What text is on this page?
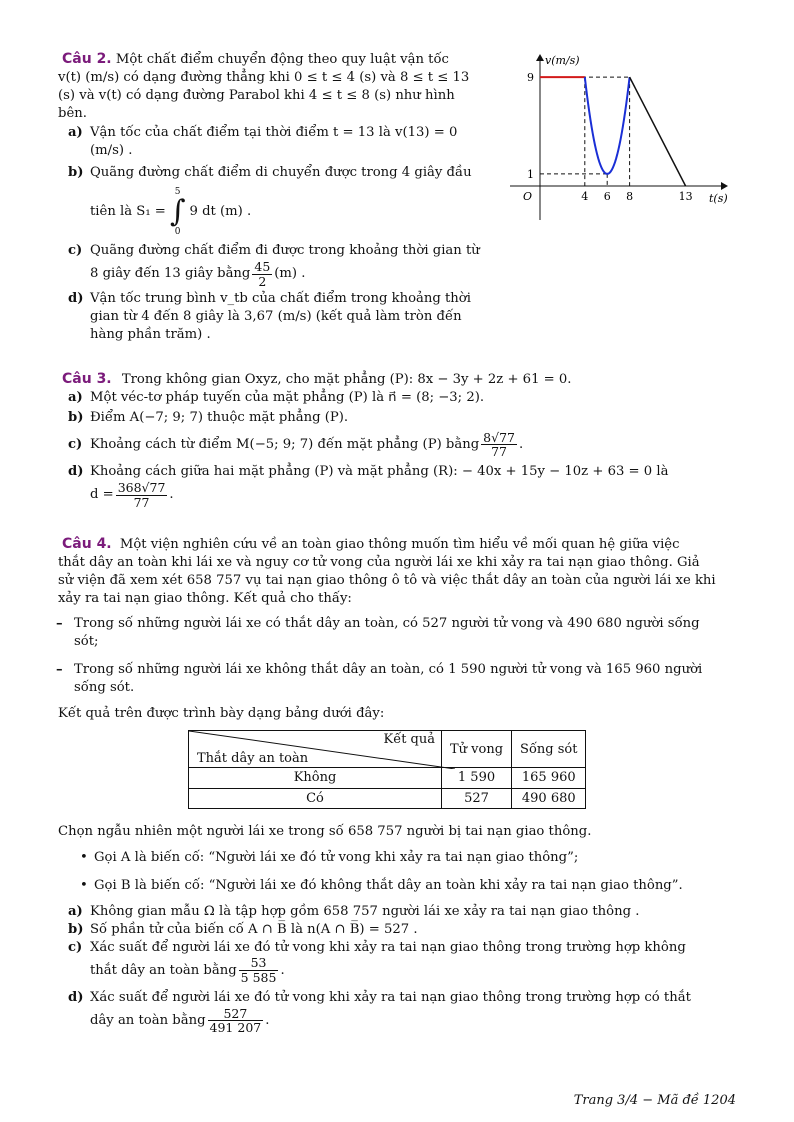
Câu 2. Một chất điểm chuyển động theo quy luật vận tốc
v(t) (m/s) có dạng đường thẳng khi 0 ≤ t ≤ 4 (s) và 8 ≤ t ≤ 13
(s) và v(t) có dạng đường Parabol khi 4 ≤ t ≤ 8 (s) như hình
bên.
a) Vận tốc của chất điểm tại thời điểm t = 13 là v(13) = 0
(m/s) .
b) Quãng đường chất điểm di chuyển được trong 4 giây đầu
tiên là S₁ =
5
∫
0
9 dt (m) .
c) Quãng đường chất điểm đi được trong khoảng thời gian từ
8 giây đến 13 giây bằng $\frac{45}{2} (m)$ .
d) Vận tốc trung bình v_tb của chất điểm trong khoảng thời
gian từ 4 đến 8 giây là 3,67 (m/s) (kết quả làm tròn đến
hàng phần trăm) .
v(m/s)
t(s)
O
9
1
4 6 8	13
Câu 3. Trong không gian Oxyz, cho mặt phẳng (P): 8x − 3y + 2z + 61 = 0.
a) Một véc-tơ pháp tuyến của mặt phẳng (P) là n⃗ = (8; −3; 2).
b) Điểm A(−7; 9; 7) thuộc mặt phẳng (P).
c) Khoảng cách từ điểm M(−5; 9; 7) đến mặt phẳng (P) bằng $\frac{8√77}{77}$ .
d) Khoảng cách giữa hai mặt phẳng (P) và mặt phẳng (R): − 40x + 15y − 10z + 63 = 0 là
$d = \frac{368√77}{77}$ .
Câu 4. Một viện nghiên cứu về an toàn giao thông muốn tìm hiểu về mối quan hệ giữa việc
thắt dây an toàn khi lái xe và nguy cơ tử vong của người lái xe khi xảy ra tai nạn giao thông. Giả
sử viện đã xem xét 658 757 vụ tai nạn giao thông ô tô và việc thắt dây an toàn của người lái xe khi
xảy ra tai nạn giao thông. Kết quả cho thấy:
– Trong số những người lái xe có thắt dây an toàn, có 527 người tử vong và 490 680 người sống
sót;
– Trong số những người lái xe không thắt dây an toàn, có 1 590 người tử vong và 165 960 người
sống sót.
Kết quả trên được trình bày dạng bảng dưới đây:
Kết quả
Thắt dây an toàn	Tử vong	Sống sót
Không	1 590	165 960
Có	527	490 680
Chọn ngẫu nhiên một người lái xe trong số 658 757 người bị tai nạn giao thông.
• Gọi A là biến cố: “Người lái xe đó tử vong khi xảy ra tai nạn giao thông”;
• Gọi B là biến cố: “Người lái xe đó không thắt dây an toàn khi xảy ra tai nạn giao thông”.
a) Không gian mẫu Ω là tập hợp gồm 658 757 người lái xe xảy ra tai nạn giao thông .
b) Số phần tử của biến cố A ∩ B̅ là n(A ∩ B̅) = 527 .
c) Xác suất để người lái xe đó tử vong khi xảy ra tai nạn giao thông trong trường hợp không
thắt dây an toàn bằng $\frac{53}{5 585}$ .
d) Xác suất để người lái xe đó tử vong khi xảy ra tai nạn giao thông trong trường hợp có thắt
dây an toàn bằng $\frac{527}{491 207}$ .
Trang 3/4 − Mã đề 1204
